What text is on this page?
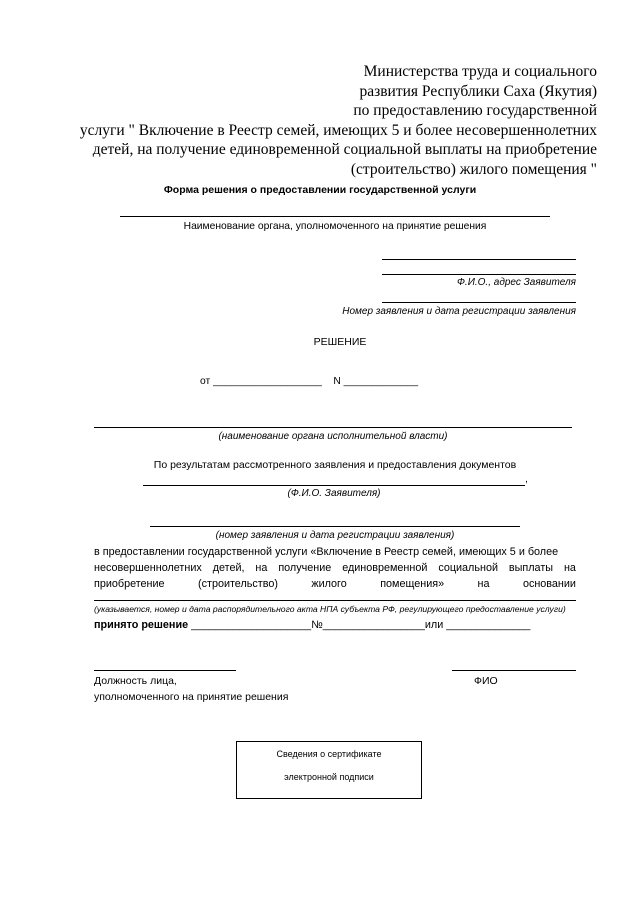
Министерства труда и социального
развития Республики Саха (Якутия)
по предоставлению государственной
услуги " Включение в Реестр семей, имеющих 5 и более несовершеннолетних
детей, на получение единовременной социальной выплаты на приобретение
(строительство) жилого помещения "
Форма решения о предоставлении государственной услуги
Наименование органа, уполномоченного на принятие решения
Ф.И.О., адрес Заявителя
Номер заявления и дата регистрации заявления
РЕШЕНИЕ
от ___________________ N _____________
(наименование органа исполнительной власти)
По результатам рассмотренного заявления и предоставления документов
,
(Ф.И.О. Заявителя)
(номер заявления и дата регистрации заявления)
в предоставлении государственной услуги «Включение в Реестр семей, имеющих 5 и более
несовершеннолетних детей, на получение единовременной социальной выплаты на
приобретение	(строительство)	жилого	помещения»	на	основании
(указывается, номер и дата распорядительного акта НПА субъекта РФ, регулирующего предоставление услуги)
принято решение ____________________№_________________или ______________
Должность лица,	ФИО
уполномоченного на принятие решения
Сведения о сертификате
электронной подписи
